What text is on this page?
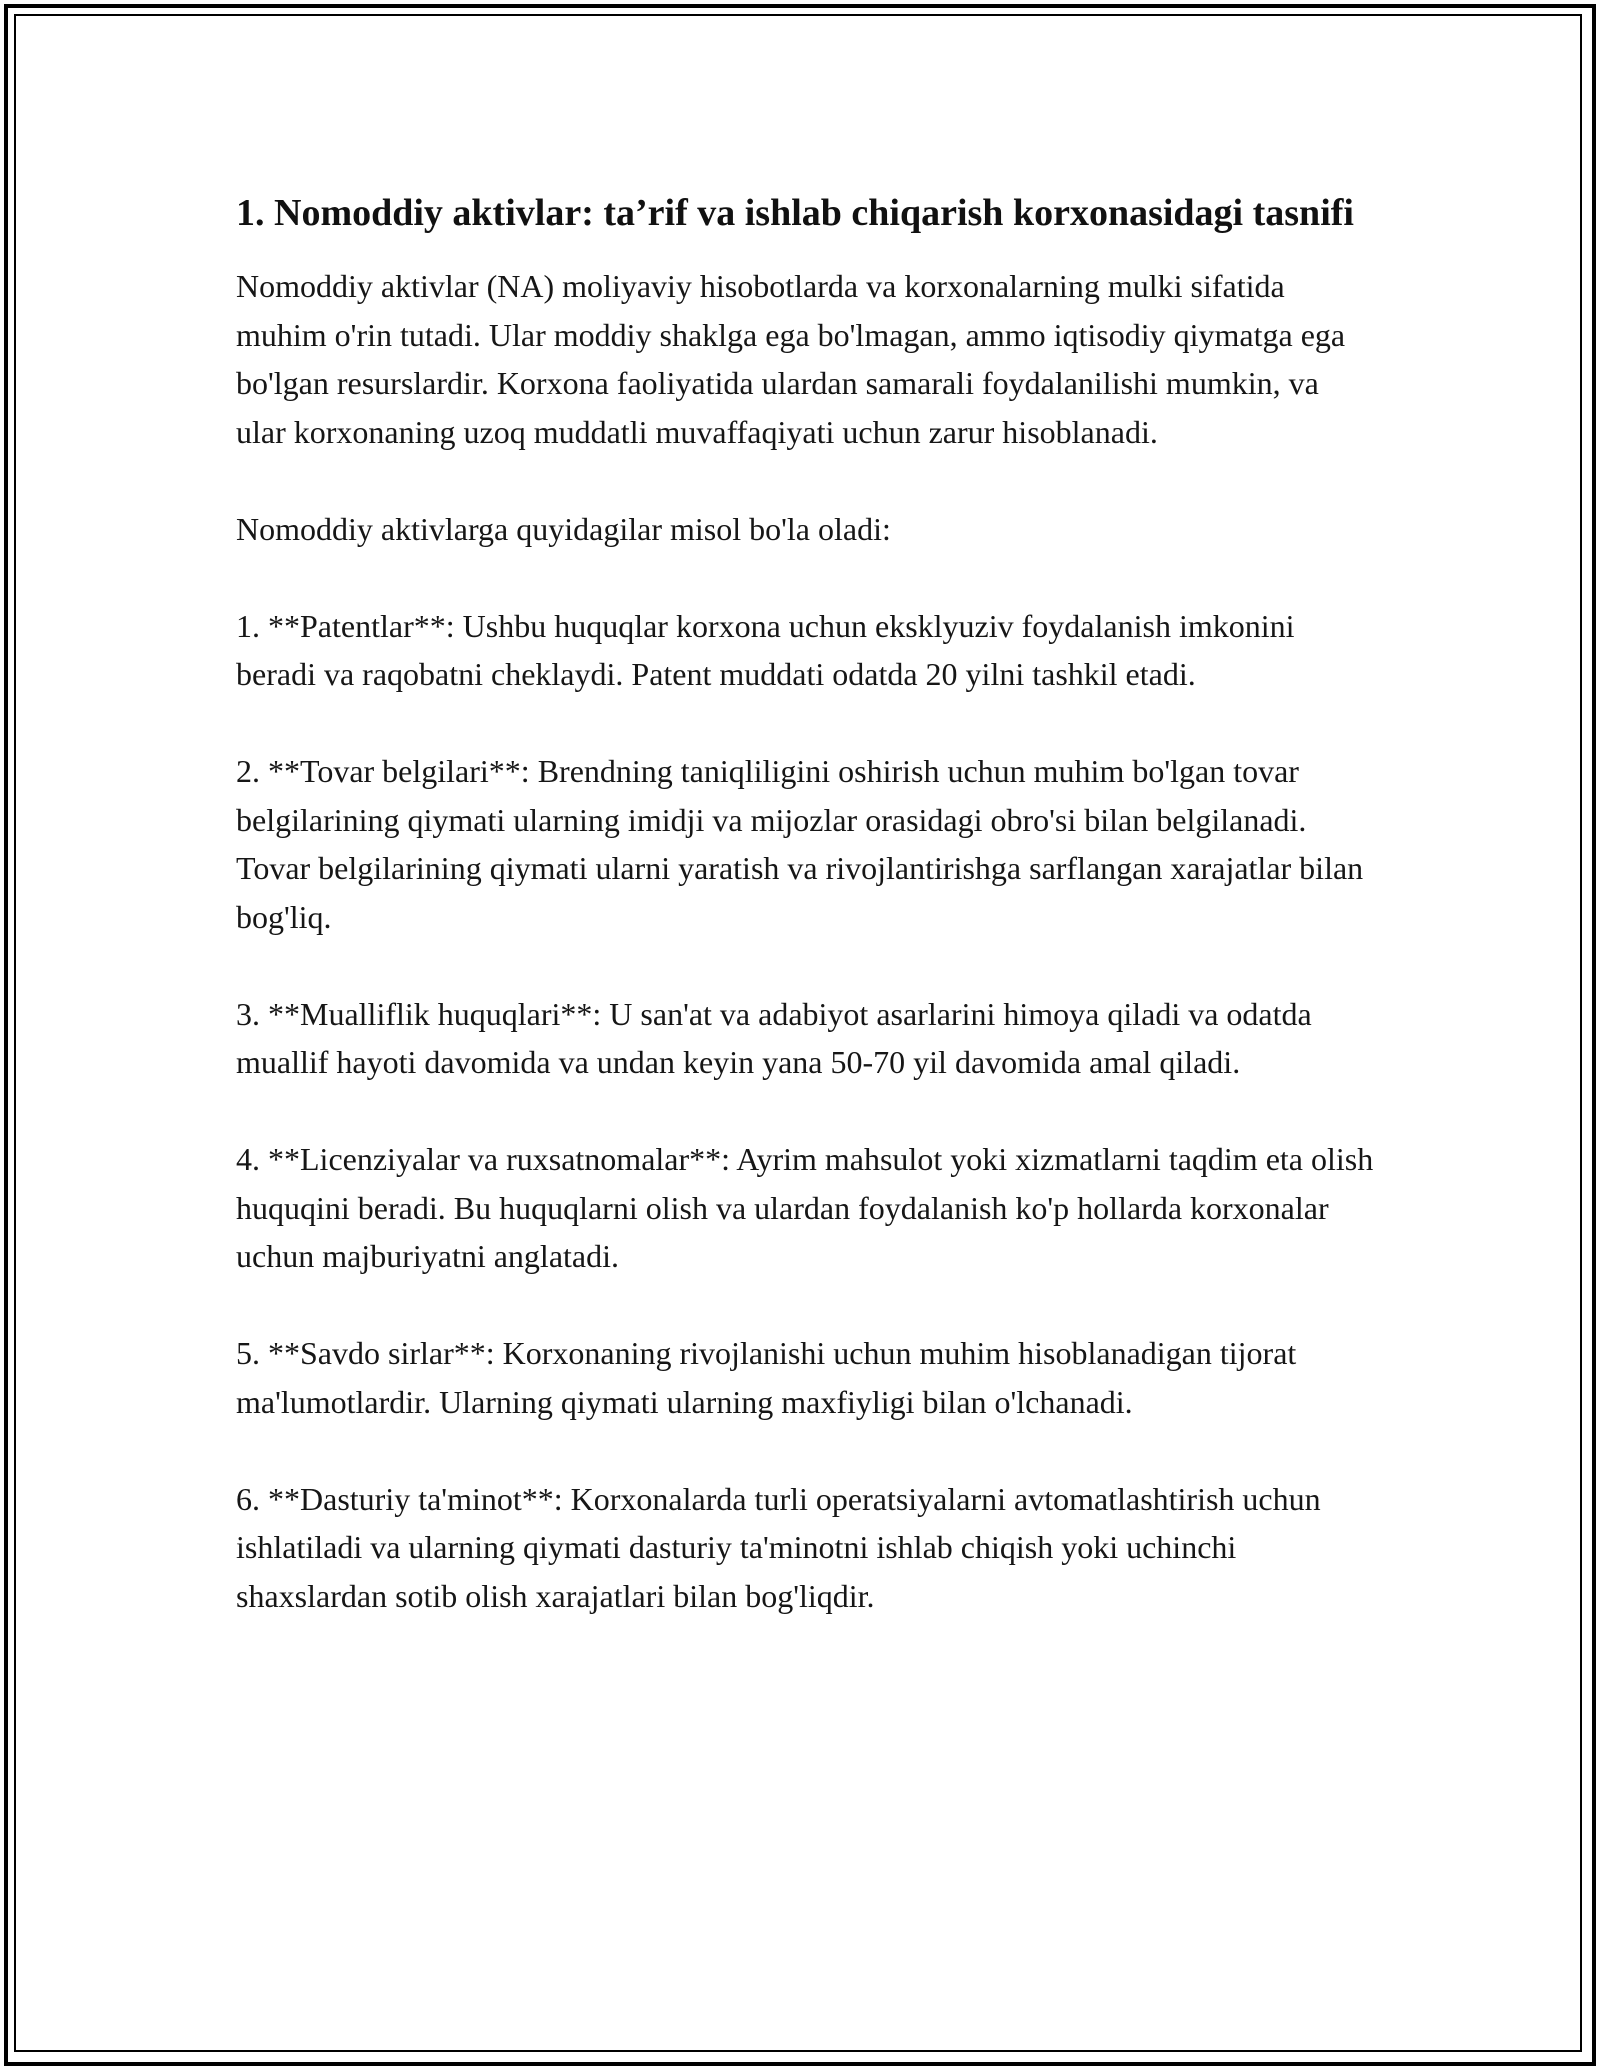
1. Nomoddiy aktivlar: ta’rif va ishlab chiqarish korxonasidagi tasnifi

Nomoddiy aktivlar (NA) moliyaviy hisobotlarda va korxonalarning mulki sifatida muhim o'rin tutadi. Ular moddiy shaklga ega bo'lmagan, ammo iqtisodiy qiymatga ega bo'lgan resurslardir. Korxona faoliyatida ulardan samarali foydalanilishi mumkin, va ular korxonaning uzoq muddatli muvaffaqiyati uchun zarur hisoblanadi.

Nomoddiy aktivlarga quyidagilar misol bo'la oladi:

1. **Patentlar**: Ushbu huquqlar korxona uchun eksklyuziv foydalanish imkonini beradi va raqobatni cheklaydi. Patent muddati odatda 20 yilni tashkil etadi.

2. **Tovar belgilari**: Brendning taniqliligini oshirish uchun muhim bo'lgan tovar belgilarining qiymati ularning imidji va mijozlar orasidagi obro'si bilan belgilanadi. Tovar belgilarining qiymati ularni yaratish va rivojlantirishga sarflangan xarajatlar bilan bog'liq.

3. **Mualliflik huquqlari**: U san'at va adabiyot asarlarini himoya qiladi va odatda muallif hayoti davomida va undan keyin yana 50-70 yil davomida amal qiladi.

4. **Licenziyalar va ruxsatnomalar**: Ayrim mahsulot yoki xizmatlarni taqdim eta olish huquqini beradi. Bu huquqlarni olish va ulardan foydalanish ko'p hollarda korxonalar uchun majburiyatni anglatadi.

5. **Savdo sirlar**: Korxonaning rivojlanishi uchun muhim hisoblanadigan tijorat ma'lumotlardir. Ularning qiymati ularning maxfiyligi bilan o'lchanadi.

6. **Dasturiy ta'minot**: Korxonalarda turli operatsiyalarni avtomatlashtirish uchun ishlatiladi va ularning qiymati dasturiy ta'minotni ishlab chiqish yoki uchinchi shaxslardan sotib olish xarajatlari bilan bog'liqdir.
